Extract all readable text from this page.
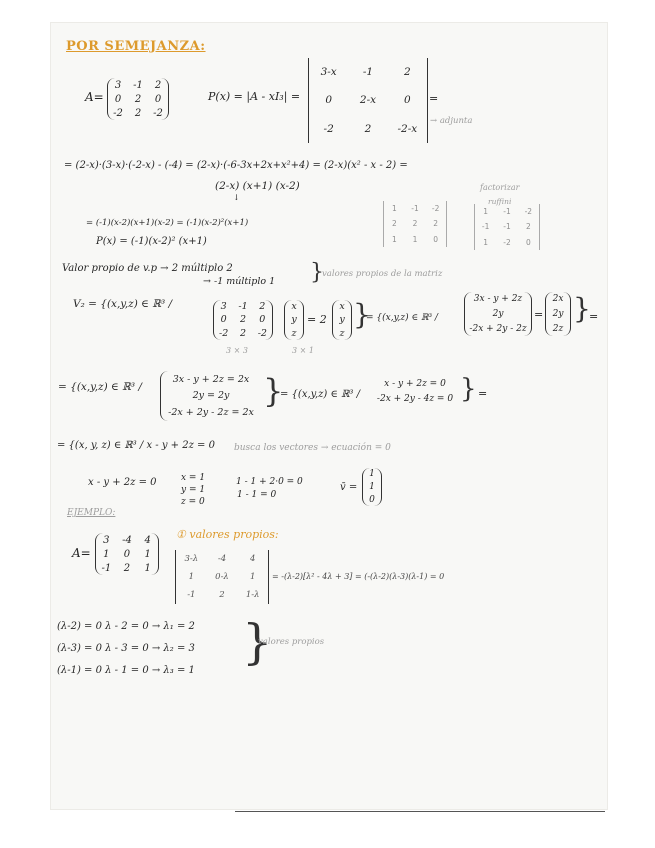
POR SEMEJANZA:
A=
3 -1 2
0 2 0
-2 2 -2
P(x) = |A - xI₃| =
3-x -1	2
0	2-x	0
-2	2 -2-x
=
→ adjunta
= (2-x)·(3-x)·(-2-x) - (-4) = (2-x)·(-6-3x+2x+x²+4) = (2-x)(x² - x - 2) =
(2-x) (x+1) (x-2)
↓
factorizar
ruffini
= (-1)(x-2)(x+1)(x-2) = (-1)(x-2)²(x+1)
P(x) = (-1)(x-2)² (x+1)
1 -1 -2
2 2 2
1 1 0
1 -1 -2
-1 -1 2
1 -2 0
Valor propio de v.p → 2 múltiplo 2
→ -1 múltiplo 1 }
valores propios de la matriz
V₂ = {(x,y,z) ∈ ℝ³ /	3 -1 2
0 2 0
-2 2 -2
x
y
z
= 2
x
y
z
}
= {(x,y,z) ∈ ℝ³ /
3x - y + 2z
2y
-2x + 2y - 2z
=
2x
2y
2z
}
=
3 × 3	3 × 1
= {(x,y,z) ∈ ℝ³ /
3x - y + 2z = 2x
2y = 2y
-2x + 2y - 2z = 2x
}
= {(x,y,z) ∈ ℝ³ /
x - y + 2z = 0
-2x + 2y - 4z = 0 } =
= {(x, y, z) ∈ ℝ³ / x - y + 2z = 0 busca los vectores → ecuación = 0
x - y + 2z = 0	x = 1
y = 1
z = 0
1 - 1 + 2·0 = 0
1 - 1 = 0
v̄ =
1
1
0
EJEMPLO:
A=
3 -4 4
1 0 1
-1 2 1
① valores propios:
3-λ -4	4
1 0-λ 1
-1	2 1-λ
= -(λ-2)[λ² - 4λ + 3] = (-(λ-2)(λ-3)(λ-1) = 0
(λ-2) = 0 λ - 2 = 0 → λ₁ = 2
(λ-3) = 0 λ - 3 = 0 → λ₂ = 3
(λ-1) = 0 λ - 1 = 0 → λ₃ = 1
}
valores propios
